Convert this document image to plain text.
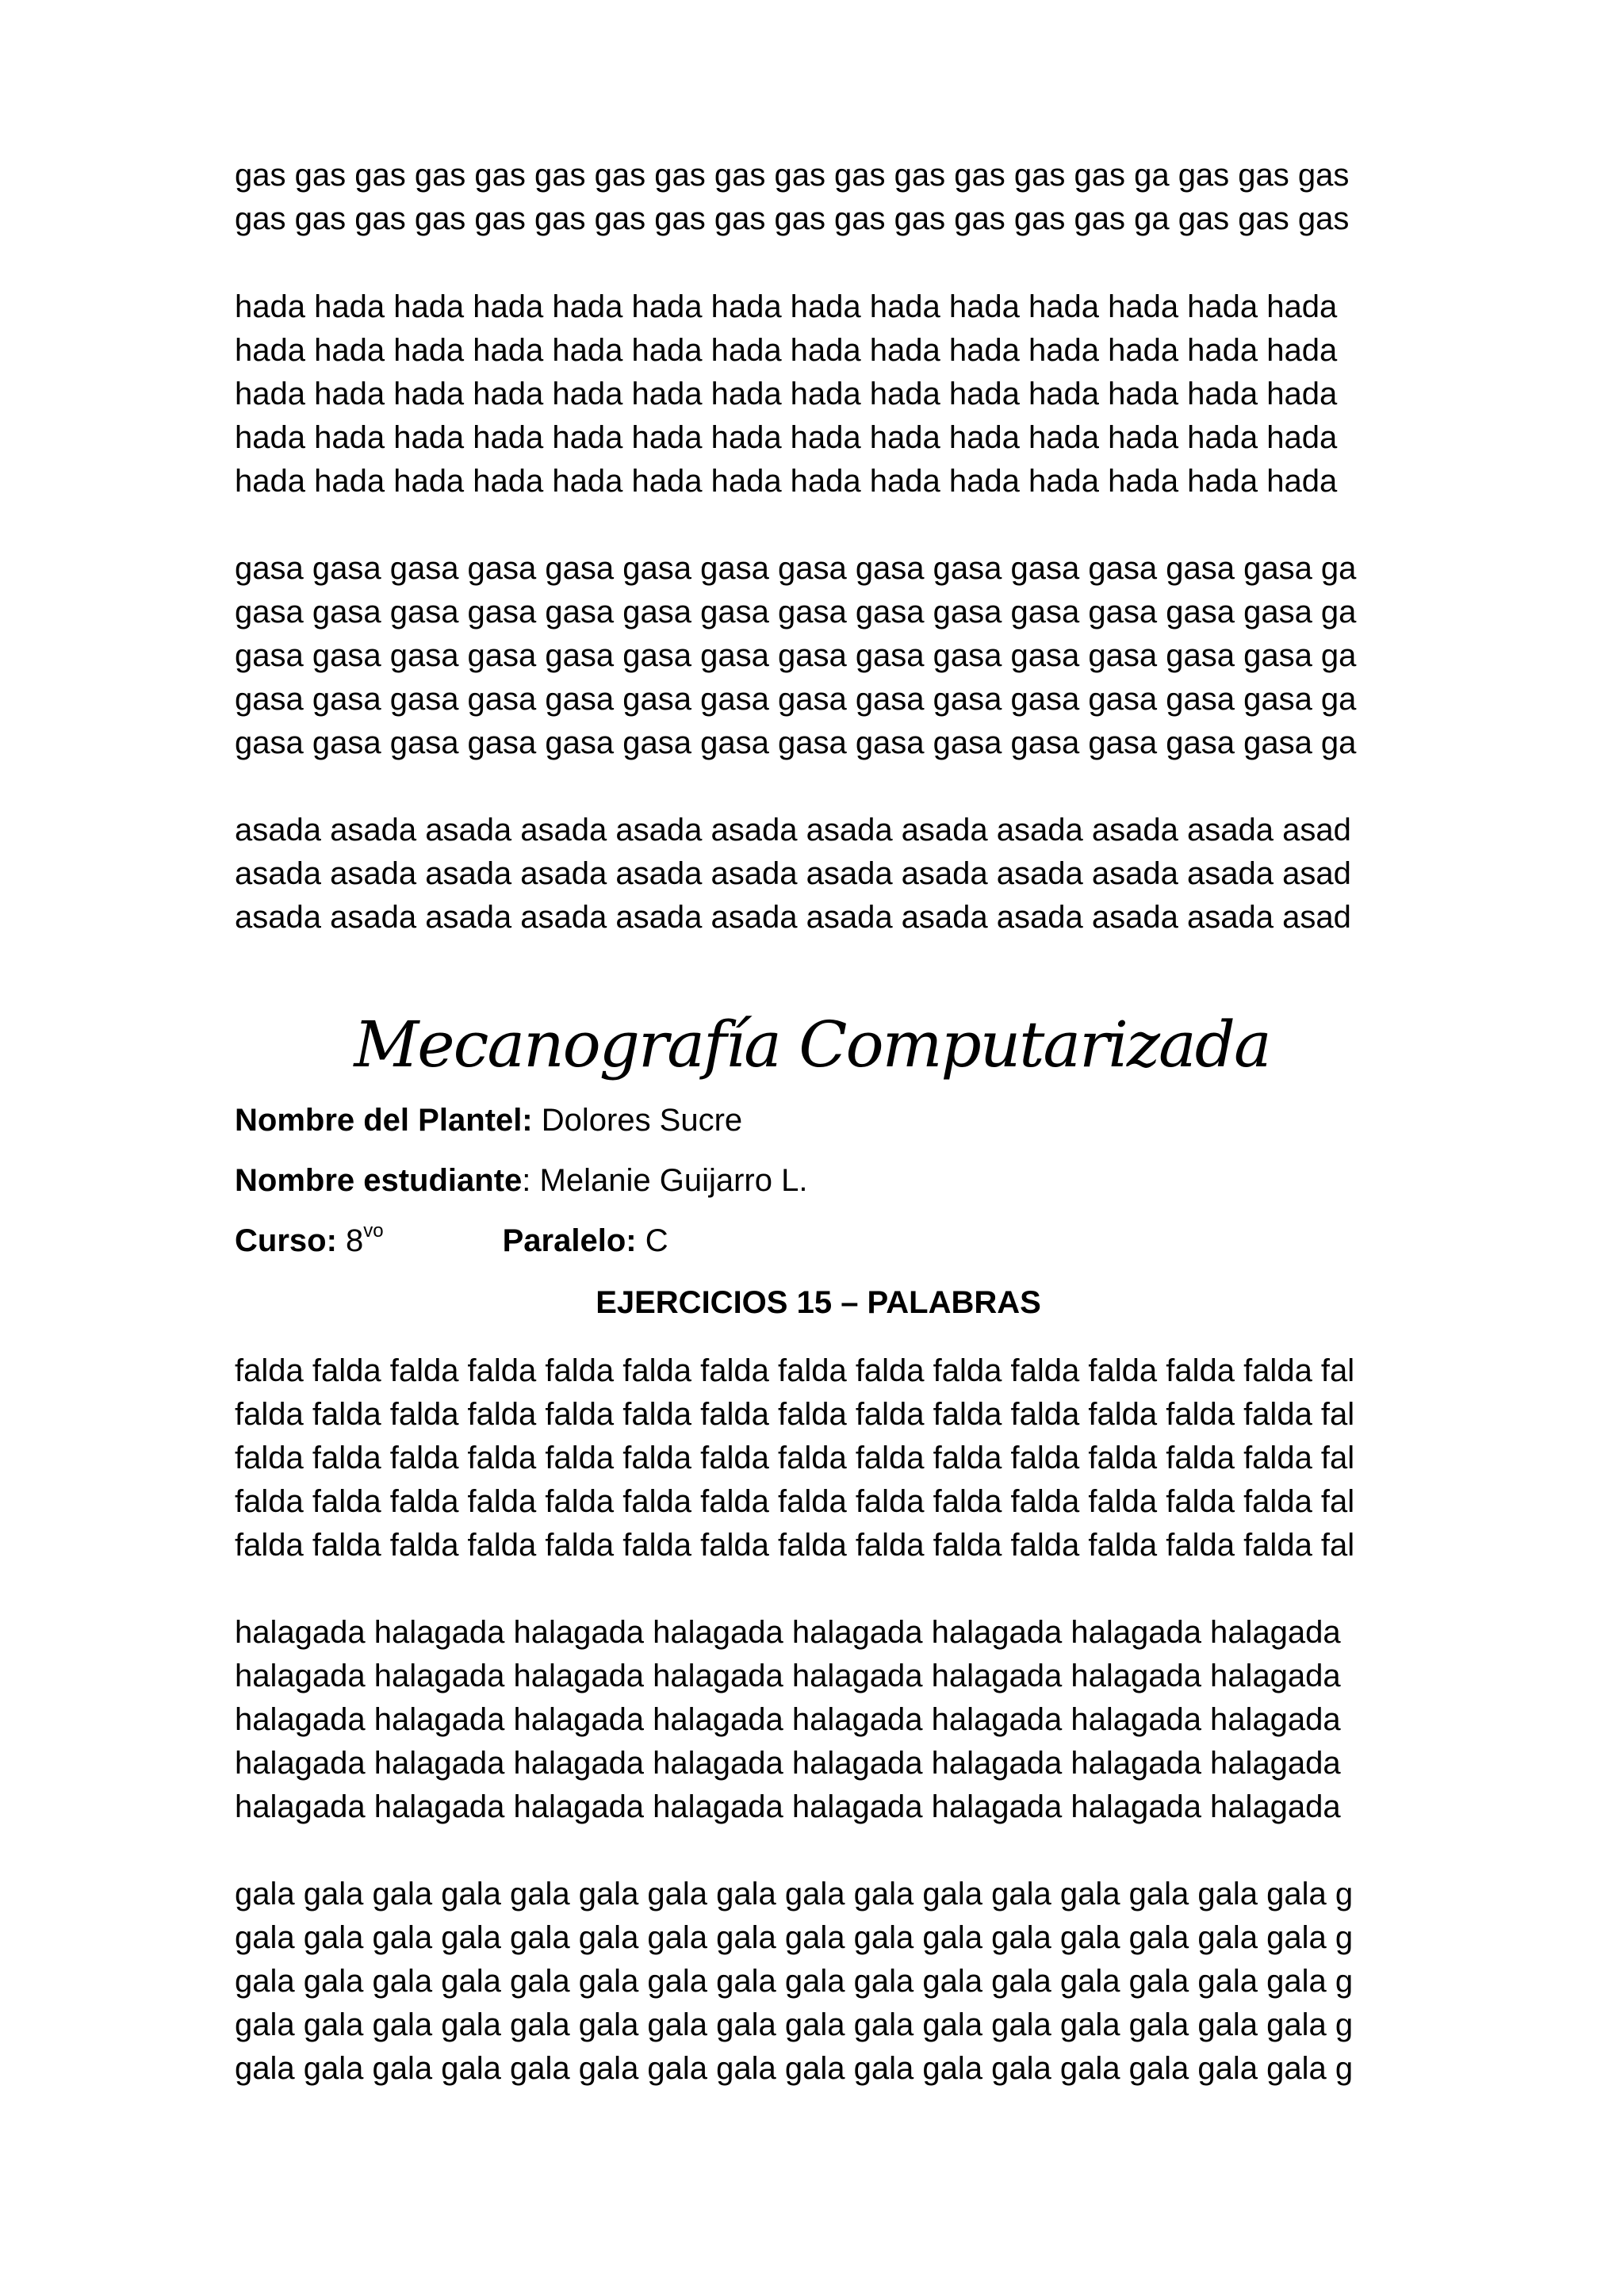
gas gas gas gas gas gas gas gas gas gas gas gas gas gas gas ga gas gas gas
gas gas gas gas gas gas gas gas gas gas gas gas gas gas gas ga gas gas gas
hada hada hada hada hada hada hada hada hada hada hada hada hada hada
hada hada hada hada hada hada hada hada hada hada hada hada hada hada
hada hada hada hada hada hada hada hada hada hada hada hada hada hada
hada hada hada hada hada hada hada hada hada hada hada hada hada hada
hada hada hada hada hada hada hada hada hada hada hada hada hada hada
gasa gasa gasa gasa gasa gasa gasa gasa gasa gasa gasa gasa gasa gasa ga
gasa gasa gasa gasa gasa gasa gasa gasa gasa gasa gasa gasa gasa gasa ga
gasa gasa gasa gasa gasa gasa gasa gasa gasa gasa gasa gasa gasa gasa ga
gasa gasa gasa gasa gasa gasa gasa gasa gasa gasa gasa gasa gasa gasa ga
gasa gasa gasa gasa gasa gasa gasa gasa gasa gasa gasa gasa gasa gasa ga
asada asada asada asada asada asada asada asada asada asada asada asad
asada asada asada asada asada asada asada asada asada asada asada asad
asada asada asada asada asada asada asada asada asada asada asada asad
Mecanografía Computarizada
Nombre del Plantel: Dolores Sucre
Nombre estudiante: Melanie Guijarro L.
Curso: $8^{vo}$	Paralelo: C
EJERCICIOS 15 – PALABRAS
falda falda falda falda falda falda falda falda falda falda falda falda falda falda fal
falda falda falda falda falda falda falda falda falda falda falda falda falda falda fal
falda falda falda falda falda falda falda falda falda falda falda falda falda falda fal
falda falda falda falda falda falda falda falda falda falda falda falda falda falda fal
falda falda falda falda falda falda falda falda falda falda falda falda falda falda fal
halagada halagada halagada halagada halagada halagada halagada halagada
halagada halagada halagada halagada halagada halagada halagada halagada
halagada halagada halagada halagada halagada halagada halagada halagada
halagada halagada halagada halagada halagada halagada halagada halagada
halagada halagada halagada halagada halagada halagada halagada halagada
gala gala gala gala gala gala gala gala gala gala gala gala gala gala gala gala g
gala gala gala gala gala gala gala gala gala gala gala gala gala gala gala gala g
gala gala gala gala gala gala gala gala gala gala gala gala gala gala gala gala g
gala gala gala gala gala gala gala gala gala gala gala gala gala gala gala gala g
gala gala gala gala gala gala gala gala gala gala gala gala gala gala gala gala g
